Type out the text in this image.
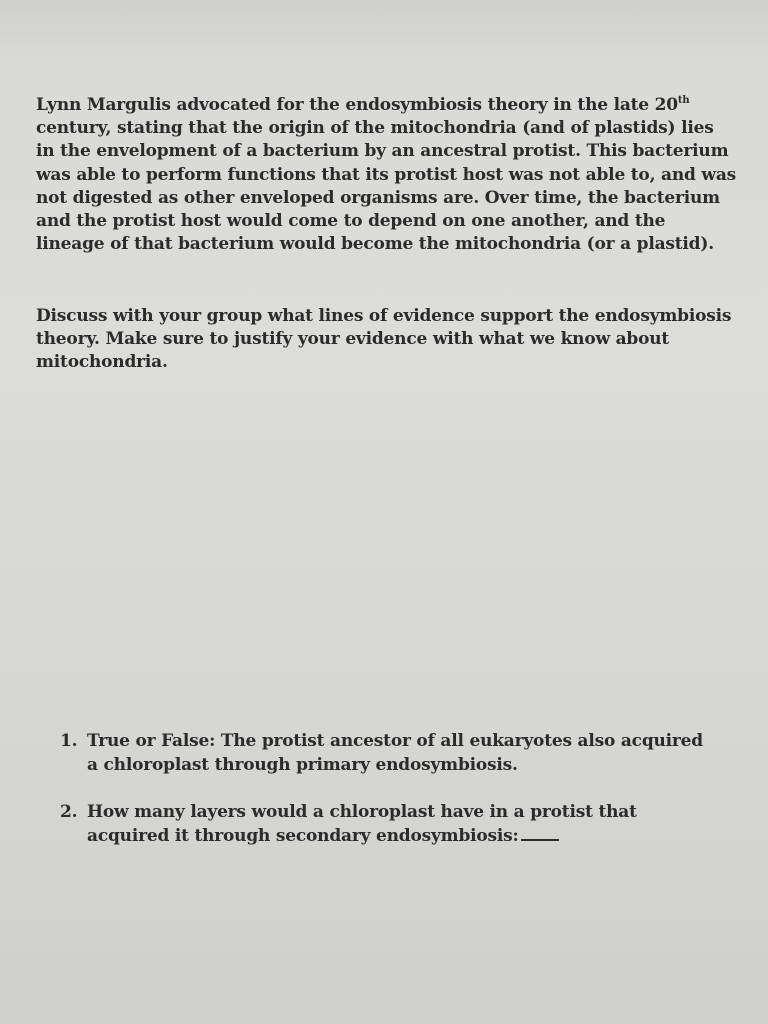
Lynn Margulis advocated for the endosymbiosis theory in the late 20th century, stating that the origin of the mitochondria (and of plastids) lies in the envelopment of a bacterium by an ancestral protist. This bacterium was able to perform functions that its protist host was not able to, and was not digested as other enveloped organisms are. Over time, the bacterium and the protist host would come to depend on one another, and the lineage of that bacterium would become the mitochondria (or a plastid).

Discuss with your group what lines of evidence support the endosymbiosis theory. Make sure to justify your evidence with what we know about mitochondria.

1. True or False: The protist ancestor of all eukaryotes also acquired a chloroplast through primary endosymbiosis.
2. How many layers would a chloroplast have in a protist that acquired it through secondary endosymbiosis:
